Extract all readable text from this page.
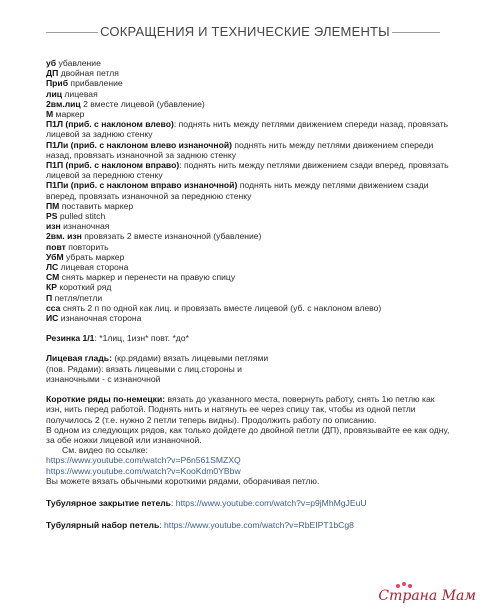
СОКРАЩЕНИЯ И ТЕХНИЧЕСКИЕ ЭЛЕМЕНТЫ
уб убавление
ДП двойная петля
Приб прибавление
лиц лицевая
2вм.лиц 2 вместе лицевой (убавление)
М маркер
П1Л (приб. с наклоном влево): поднять нить между петлями движением спереди назад, провязать лицевой за заднюю стенку
П1Ли (приб. с наклоном влево изнаночной) поднять нить между петлями движением спереди назад, провязать изнаночной за заднюю стенку
П1П (приб. с наклоном вправо): поднять нить между петлями движением сзади вперед, провязать лицевой за переднюю стенку
П1Пи (приб. с наклоном вправо изнаночной) поднять нить между петлями движением сзади вперед, провязать изнаночной за переднюю стенку
ПМ поставить маркер
PS pulled stitch
изн изнаночная
2вм. изн провязать 2 вместе изнаночной (убавление)
повт повторить
УбМ убрать маркер
ЛС лицевая сторона
СМ снять маркер и перенести на правую спицу
КР короткий ряд
П петля/петли
сса снять 2 п по одной как лиц. и провязать вместе лицевой (уб. с наклоном влево)
ИС изнаночная сторона
Резинка 1/1: *1лиц, 1изн* повт. *до*
Лицевая гладь: (кр.рядами) вязать лицевыми петлями
(пов. Рядами): вязать лицевыми с лиц.стороны и
изнаночными - с изнаночной
Короткие ряды по-немецки: вязать до указанного места, повернуть работу, снять 1ю петлю как изн, нить перед работой. Поднять нить и натянуть ее через спицу так, чтобы из одной петли получилось 2 (т.е. нужно 2 петли теперь видны). Продолжить работу по описанию.
В одном из следующих рядов, как только дойдете до двойной петли (ДП), провязывайте ее как одну, за обе ножки лицевой или изнаночной.
См. видео по ссылке:
https://www.youtube.com/watch?v=P6n561SMZXQ
https://www.youtube.com/watch?v=KooKdm0YBbw
Вы можете вязать обычными короткими рядами, оборачивая петлю.
Тубулярное закрытие петель: https://www.youtube.com/watch?v=p9jMhMgJEuU
Тубулярный набор петель: https://www.youtube.com/watch?v=RbEIPT1bCg8
Страна Мам
